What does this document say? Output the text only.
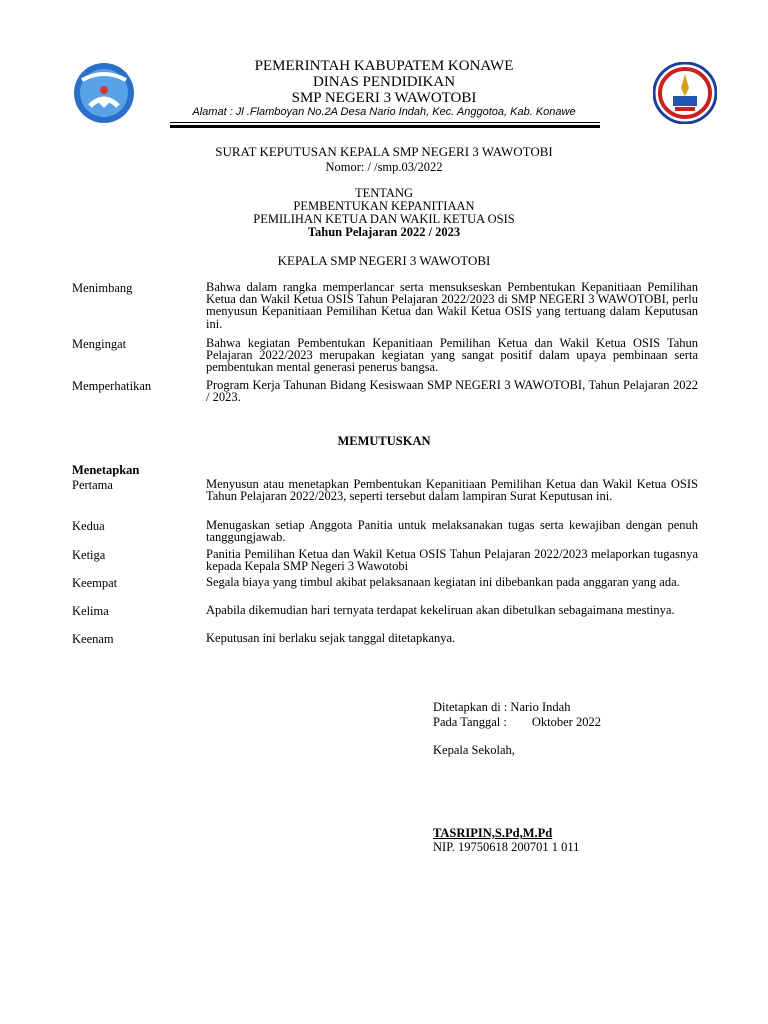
PEMERINTAH KABUPATEM KONAWE
DINAS PENDIDIKAN
SMP NEGERI 3 WAWOTOBI
Alamat : Jl .Flamboyan No.2A Desa Nario Indah, Kec. Anggotoa, Kab. Konawe
SURAT KEPUTUSAN KEPALA SMP NEGERI 3 WAWOTOBI
Nomor: / /smp.03/2022
TENTANG
PEMBENTUKAN KEPANITIAAN
PEMILIHAN KETUA DAN WAKIL KETUA OSIS
Tahun Pelajaran 2022 / 2023
KEPALA SMP NEGERI 3 WAWOTOBI
Menimbang	Bahwa dalam rangka memperlancar serta mensukseskan Pembentukan Kepanitiaan Pemilihan Ketua dan Wakil Ketua OSIS Tahun Pelajaran 2022/2023 di SMP NEGERI 3 WAWOTOBI, perlu menyusun Kepanitiaan Pemilihan Ketua dan Wakil Ketua OSIS yang tertuang dalam Keputusan ini.
Mengingat	Bahwa kegiatan Pembentukan Kepanitiaan Pemilihan Ketua dan Wakil Ketua OSIS Tahun Pelajaran 2022/2023 merupakan kegiatan yang sangat positif dalam upaya pembinaan serta pembentukan mental generasi penerus bangsa.
Memperhatikan	Program Kerja Tahunan Bidang Kesiswaan SMP NEGERI 3 WAWOTOBI, Tahun Pelajaran 2022 / 2023.
MEMUTUSKAN
Menetapkan
Pertama	Menyusun atau menetapkan Pembentukan Kepanitiaan Pemilihan Ketua dan Wakil Ketua OSIS Tahun Pelajaran 2022/2023, seperti tersebut dalam lampiran Surat Keputusan ini.
Kedua	Menugaskan setiap Anggota Panitia untuk melaksanakan tugas serta kewajiban dengan penuh tanggungjawab.
Ketiga	Panitia Pemilihan Ketua dan Wakil Ketua OSIS Tahun Pelajaran 2022/2023 melaporkan tugasnya kepada Kepala SMP Negeri 3 Wawotobi
Keempat	Segala biaya yang timbul akibat pelaksanaan kegiatan ini dibebankan pada anggaran yang ada.
Kelima	Apabila dikemudian hari ternyata terdapat kekeliruan akan dibetulkan sebagaimana mestinya.
Keenam	Keputusan ini berlaku sejak tanggal ditetapkanya.
Ditetapkan di : Nario Indah
Pada Tanggal :        Oktober 2022
Kepala Sekolah,
TASRIPIN,S.Pd,M.Pd
NIP. 19750618 200701 1 011
